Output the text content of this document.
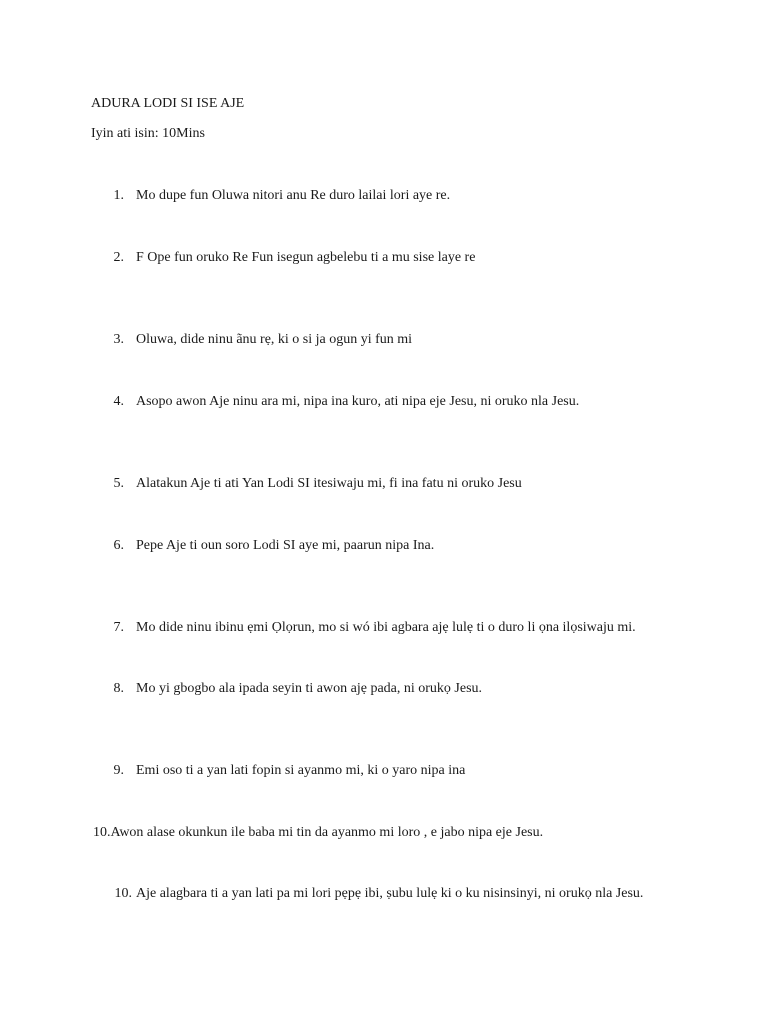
ADURA LODI SI ISE AJE
Iyin ati isin: 10Mins
1. Mo dupe fun Oluwa nitori anu Re duro lailai lori aye re.
2. F Ope fun oruko Re Fun isegun agbelebu ti a mu sise laye re
3. Oluwa, dide ninu ãnu rẹ, ki o si ja ogun yi fun mi
4. Asopo awon Aje ninu ara mi, nipa ina kuro, ati nipa eje Jesu, ni oruko nla Jesu.
5. Alatakun Aje ti ati Yan Lodi SI itesiwaju mi, fi ina fatu ni oruko Jesu
6. Pepe Aje ti oun soro Lodi SI aye mi, paarun nipa Ina.
7. Mo dide ninu ibinu ẹmi Ọlọrun, mo si wó ibi agbara ajẹ lulẹ ti o duro li ọna ilọsiwaju mi.
8. Mo yi gbogbo ala ipada seyin ti awon ajẹ pada, ni orukọ Jesu.
9. Emi oso ti a yan lati fopin si ayanmo mi, ki o yaro nipa ina
10.Awon alase okunkun ile baba mi tin da ayanmo mi loro , e jabo nipa eje Jesu.
10. Aje alagbara ti a yan lati pa mi lori pẹpẹ ibi, ṣubu lulẹ ki o ku nisinsinyi, ni orukọ nla Jesu.
